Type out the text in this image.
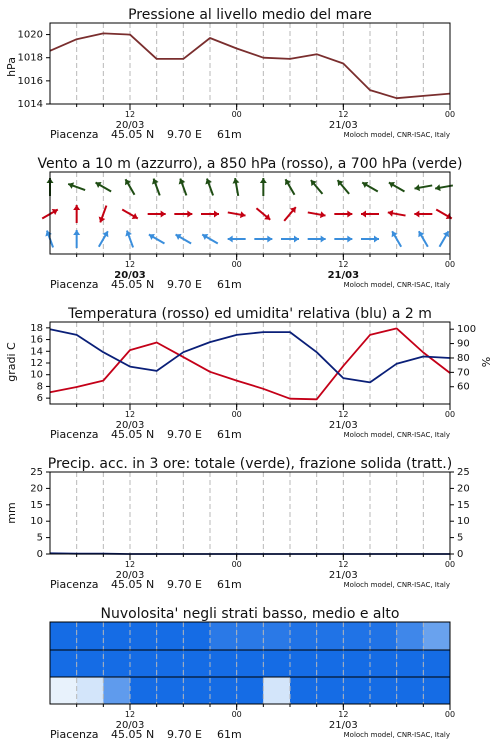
Pressione al livello medio del mare
hPa
1014
1016
1018
1020
12	00	12	00
20/03	21/03
Piacenza 45.05 N 9.70 E 61m	Moloch model, CNR-ISAC, Italy
Vento a 10 m (azzurro), a 850 hPa (rosso), a 700 hPa (verde)
12	00	12	00
20/03	21/03
Piacenza 45.05 N 9.70 E 61m	Moloch model, CNR-ISAC, Italy
Temperatura (rosso) ed umidita' relativa (blu) a 2 m
gradi C	%
6
8
10
12
14
16
18
60
70
80
90
100
12	00	12	00
20/03	21/03
Piacenza 45.05 N 9.70 E 61m	Moloch model, CNR-ISAC, Italy
Precip. acc. in 3 ore: totale (verde), frazione solida (tratt.)
mm
0
5
10
15
20
25
0
5
10
15
20
25
12	00	12	00
20/03	21/03
Piacenza 45.05 N 9.70 E 61m	Moloch model, CNR-ISAC, Italy
Nuvolosita' negli strati basso, medio e alto
12	00	12	00
20/03	21/03
Piacenza 45.05 N 9.70 E 61m	Moloch model, CNR-ISAC, Italy
